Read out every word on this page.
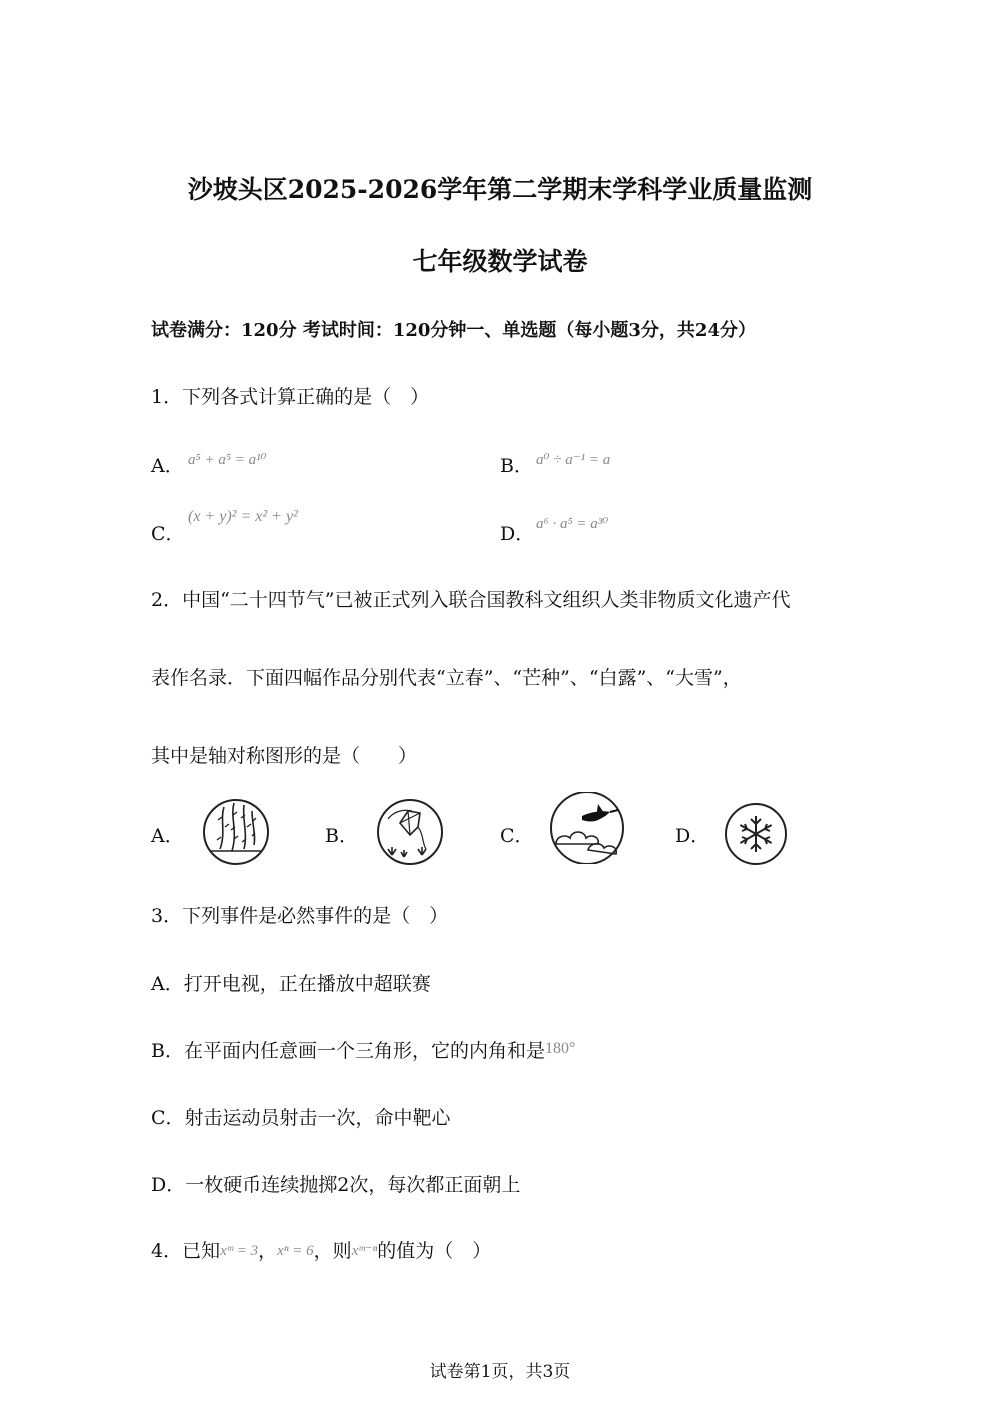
沙坡头区2025-2026学年第二学期末学科学业质量监测
七年级数学试卷
试卷满分：120分 考试时间：120分钟一、单选题（每小题3分，共24分）
1．下列各式计算正确的是（　）
A． a⁵ + a⁵ = a¹⁰	B． a⁰ ÷ a⁻¹ = a
C．
(x + y)² = x² + y²
D． a⁶ · a⁵ = a³⁰
2．中国“二十四节气”已被正式列入联合国教科文组织人类非物质文化遗产代
表作名录．下面四幅作品分别代表“立春”、“芒种”、“白露”、“大雪”，
其中是轴对称图形的是（　　）
A．	B．	C．	D．
3．下列事件是必然事件的是（　）
A．打开电视，正在播放中超联赛
B．在平面内任意画一个三角形，它的内角和是$^{180^\circ}$
C．射击运动员射击一次，命中靶心
D．一枚硬币连续抛掷2次，每次都正面朝上
4．已知xᵐ = 3，xⁿ = 6，则xᵐ⁻ⁿ的值为（　）
试卷第1页，共3页
